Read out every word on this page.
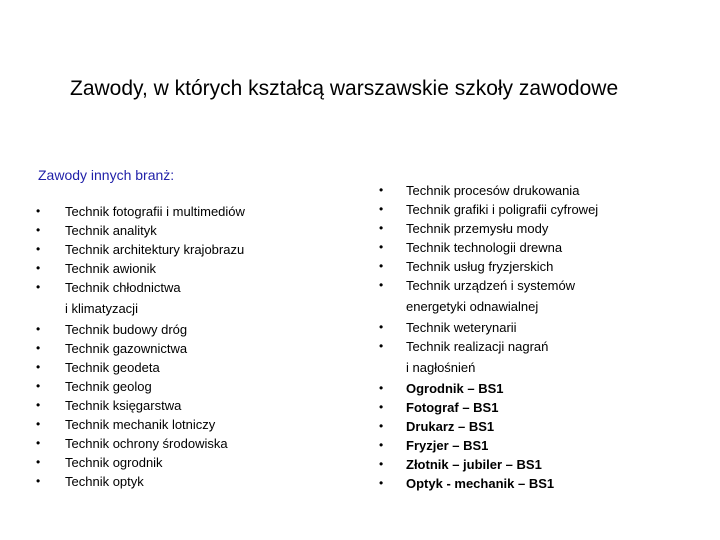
Zawody, w których kształcą warszawskie szkoły zawodowe
Zawody innych branż:
• Technik fotografii i multimediów
• Technik analityk
• Technik architektury krajobrazu
• Technik awionik
• Technik chłodnictwa
i klimatyzacji
• Technik budowy dróg
• Technik gazownictwa
• Technik geodeta
• Technik geolog
• Technik księgarstwa
• Technik mechanik lotniczy
• Technik ochrony środowiska
• Technik ogrodnik
• Technik optyk
• Technik procesów drukowania
• Technik grafiki i poligrafii cyfrowej
• Technik przemysłu mody
• Technik technologii drewna
• Technik usług fryzjerskich
• Technik urządzeń i systemów
energetyki odnawialnej
• Technik weterynarii
• Technik realizacji nagrań
i nagłośnień
• Ogrodnik – BS1
• Fotograf – BS1
• Drukarz – BS1
• Fryzjer – BS1
• Złotnik – jubiler – BS1
• Optyk - mechanik – BS1
